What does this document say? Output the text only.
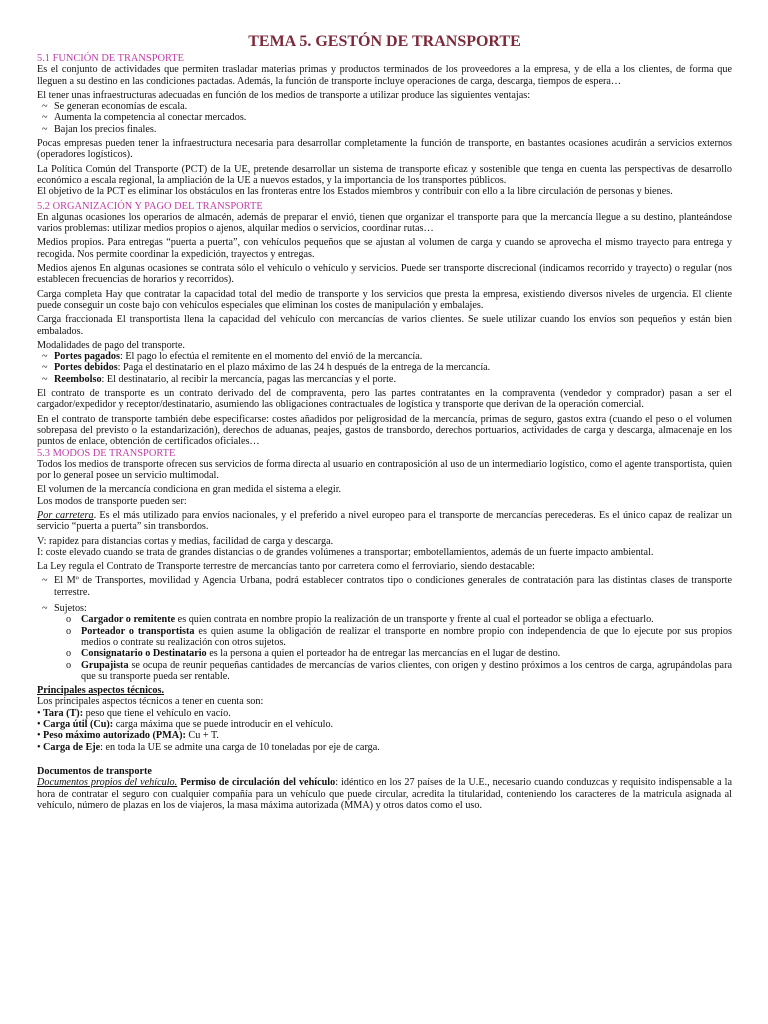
TEMA 5. GESTÓN DE TRANSPORTE
5.1 FUNCIÓN DE TRANSPORTE

Es el conjunto de actividades que permiten trasladar materias primas y productos terminados de los proveedores a la empresa, y de ella a los clientes, de forma que lleguen a su destino en las condiciones pactadas. Además, la función de transporte incluye operaciones de carga, descarga, tiempos de espera…

El tener unas infraestructuras adecuadas en función de los medios de transporte a utilizar produce las siguientes ventajas:

~ Se generan economías de escala.
~ Aumenta la competencia al conectar mercados.
~ Bajan los precios finales.

Pocas empresas pueden tener la infraestructura necesaria para desarrollar completamente la función de transporte, en bastantes ocasiones acudirán a servicios externos (operadores logísticos).

La Política Común del Transporte (PCT) de la UE, pretende desarrollar un sistema de transporte eficaz y sostenible que tenga en cuenta las perspectivas de desarrollo económico a escala regional, la ampliación de la UE a nuevos estados, y la importancia de los transportes públicos.

El objetivo de la PCT es eliminar los obstáculos en las fronteras entre los Estados miembros y contribuir con ello a la libre circulación de personas y bienes.

5.2 ORGANIZACIÓN Y PAGO DEL TRANSPORTE

En algunas ocasiones los operarios de almacén, además de preparar el envió, tienen que organizar el transporte para que la mercancía llegue a su destino, planteándose varios problemas: utilizar medios propios o ajenos, alquilar medios o servicios, coordinar rutas…

Medios propios. Para entregas “puerta a puerta”, con vehículos pequeños que se ajustan al volumen de carga y cuando se aprovecha el mismo trayecto para entrega y recogida. Nos permite coordinar la expedición, trayectos y entregas.

Medios ajenos En algunas ocasiones se contrata sólo el vehículo o vehículo y servicios. Puede ser transporte discrecional (indicamos recorrido y trayecto) o regular (nos establecen frecuencias de horarios y recorridos).

Carga completa Hay que contratar la capacidad total del medio de transporte y los servicios que presta la empresa, existiendo diversos niveles de urgencia. El cliente puede conseguir un coste bajo con vehículos especiales que eliminan los costes de manipulación y embalajes.

Carga fraccionada El transportista llena la capacidad del vehículo con mercancías de varios clientes. Se suele utilizar cuando los envíos son pequeños y están bien embalados.

Modalidades de pago del transporte.

~ Portes pagados: El pago lo efectúa el remitente en el momento del envió de la mercancía.
~ Portes debidos: Paga el destinatario en el plazo máximo de las 24 h después de la entrega de la mercancía.
~ Reembolso: El destinatario, al recibir la mercancía, pagas las mercancías y el porte.

El contrato de transporte es un contrato derivado del de compraventa, pero las partes contratantes en la compraventa (vendedor y comprador) pasan a ser el cargador/expedidor y receptor/destinatario, asumiendo las obligaciones contractuales de logística y transporte que derivan de la operación comercial.

En el contrato de transporte también debe especificarse: costes añadidos por peligrosidad de la mercancía, primas de seguro, gastos extra (cuando el peso o el volumen sobrepasa del previsto o la estandarización), derechos de aduanas, peajes, gastos de transbordo, derechos portuarios, actividades de carga y descarga, almacenaje en los puntos de enlace, obtención de certificados oficiales…

5.3 MODOS DE TRANSPORTE

Todos los medios de transporte ofrecen sus servicios de forma directa al usuario en contraposición al uso de un intermediario logístico, como el agente transportista, quien por lo general posee un servicio multimodal.

El volumen de la mercancía condiciona en gran medida el sistema a elegir.

Los modos de transporte pueden ser:

Por carretera. Es el más utilizado para envíos nacionales, y el preferido a nivel europeo para el transporte de mercancías perecederas. Es el único capaz de realizar un servicio “puerta a puerta” sin transbordos.

V: rapidez para distancias cortas y medias, facilidad de carga y descarga.

I: coste elevado cuando se trata de grandes distancias o de grandes volúmenes a transportar; embotellamientos, además de un fuerte impacto ambiental.

La Ley regula el Contrato de Transporte terrestre de mercancías tanto por carretera como el ferroviario, siendo destacable:

~ El Mº de Transportes, movilidad y Agencia Urbana, podrá establecer contratos tipo o condiciones generales de contratación para las distintas clases de transporte terrestre.
~ Sujetos:
o Cargador o remitente es quien contrata en nombre propio la realización de un transporte y frente al cual el porteador se obliga a efectuarlo.
o Porteador o transportista es quien asume la obligación de realizar el transporte en nombre propio con independencia de que lo ejecute por sus propios medios o contrate su realización con otros sujetos.
o Consignatario o Destinatario es la persona a quien el porteador ha de entregar las mercancías en el lugar de destino.
o Grupajista se ocupa de reunir pequeñas cantidades de mercancías de varios clientes, con origen y destino próximos a los centros de carga, agrupándolas para que su transporte pueda ser rentable.

Principales aspectos técnicos.

Los principales aspectos técnicos a tener en cuenta son:

• Tara (T): peso que tiene el vehículo en vacío.
• Carga útil (Cu): carga máxima que se puede introducir en el vehículo.
• Peso máximo autorizado (PMA): Cu + T.
• Carga de Eje: en toda la UE se admite una carga de 10 toneladas por eje de carga.

Documentos de transporte

Documentos propios del vehículo. Permiso de circulación del vehículo: idéntico en los 27 países de la U.E., necesario cuando conduzcas y requisito indispensable a la hora de contratar el seguro con cualquier compañía para un vehículo que puede circular, acredita la titularidad, conteniendo los caracteres de la matricula asignada al vehículo, número de plazas en los de viajeros, la masa máxima autorizada (MMA) y otros datos como el uso.
